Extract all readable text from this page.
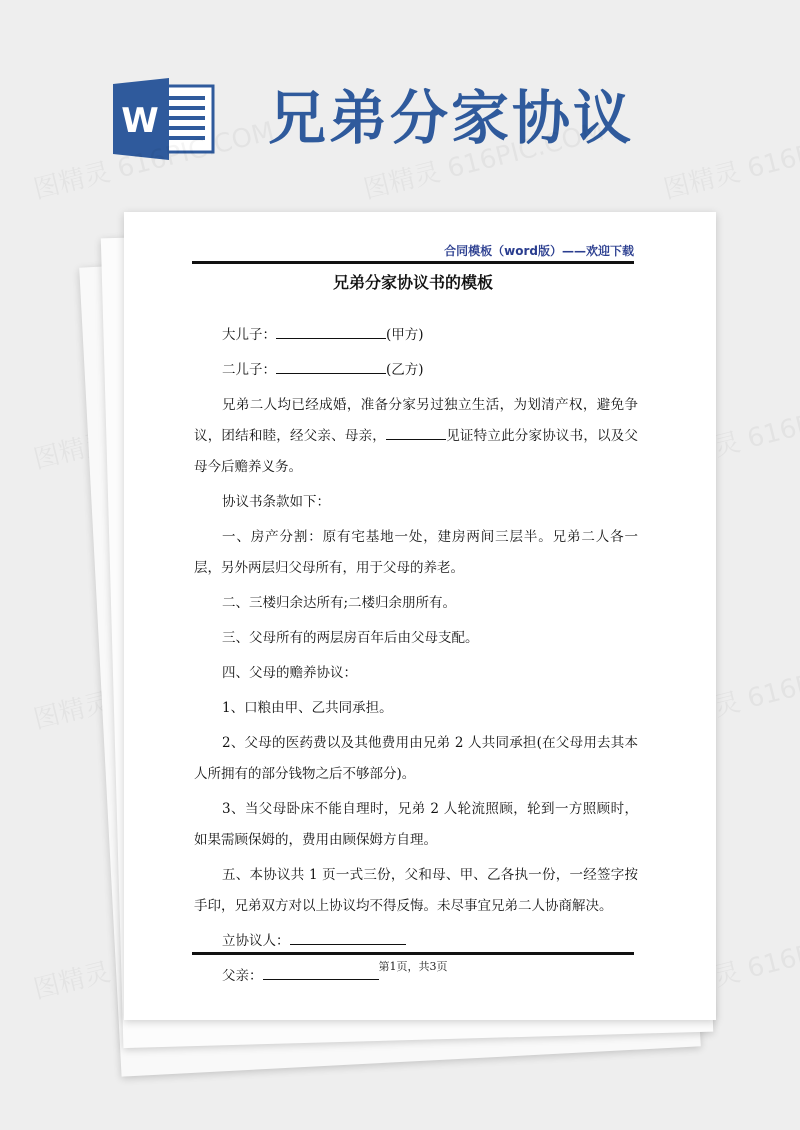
W 兄弟分家协议
合同模板（word版）——欢迎下载
兄弟分家协议书的模板

大儿子：	(甲方)

二儿子：	(乙方)

兄弟二人均已经成婚，准备分家另过独立生活，为划清产权，避免争议，团结和睦，经父亲、母亲，	见证特立此分家协议书，以及父母今后赡养义务。

协议书条款如下：

一、房产分割：原有宅基地一处，建房两间三层半。兄弟二人各一层，另外两层归父母所有，用于父母的养老。

二、三楼归余达所有;二楼归余朋所有。

三、父母所有的两层房百年后由父母支配。

四、父母的赡养协议：

1、口粮由甲、乙共同承担。

2、父母的医药费以及其他费用由兄弟 2 人共同承担(在父母用去其本人所拥有的部分钱物之后不够部分)。

3、当父母卧床不能自理时，兄弟 2 人轮流照顾，轮到一方照顾时，如果需顾保姆的，费用由顾保姆方自理。

五、本协议共 1 页一式三份，父和母、甲、乙各执一份，一经签字按手印，兄弟双方对以上协议均不得反悔。未尽事宜兄弟二人协商解决。

立协议人：

父亲：

第1页，共3页
